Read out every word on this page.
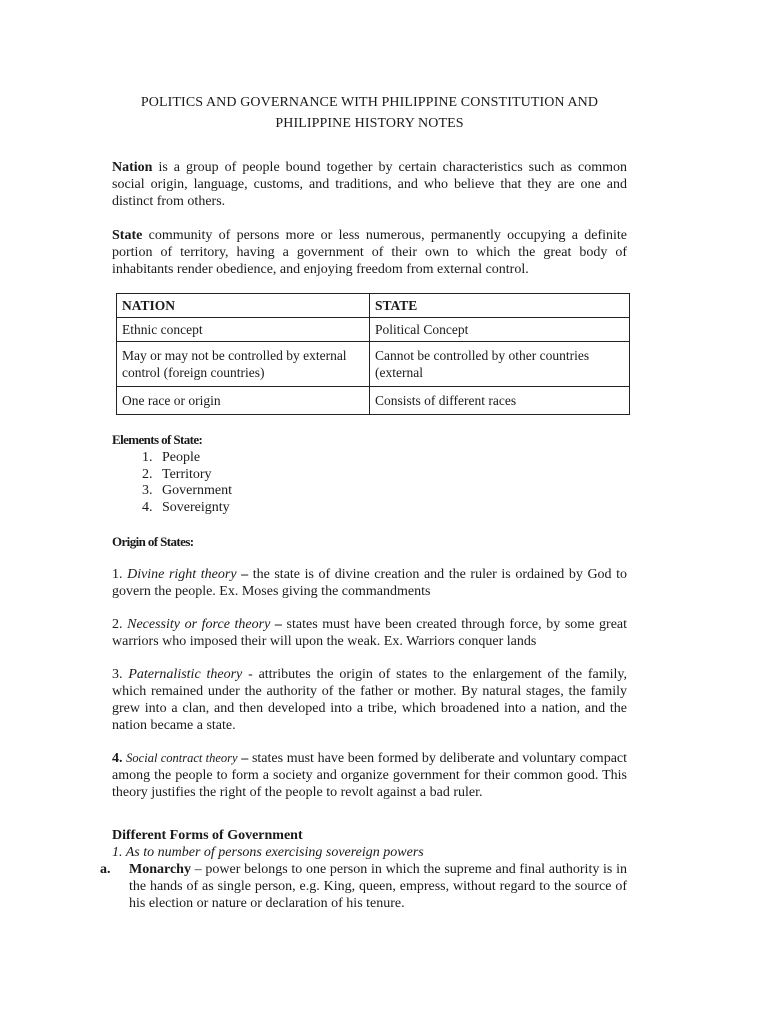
POLITICS AND GOVERNANCE WITH PHILIPPINE CONSTITUTION AND
PHILIPPINE HISTORY NOTES

Nation is a group of people bound together by certain characteristics such as common social origin, language, customs, and traditions, and who believe that they are one and distinct from others.

State community of persons more or less numerous, permanently occupying a definite portion of territory, having a government of their own to which the great body of inhabitants render obedience, and enjoying freedom from external control.

NATION	STATE
Ethnic concept	Political Concept
May or may not be controlled by external control (foreign countries)	Cannot be controlled by other countries (external
One race or origin	Consists of different races
Elements of State:
1. People
2. Territory
3. Government
4. Sovereignty
Origin of States:

1. Divine right theory – the state is of divine creation and the ruler is ordained by God to govern the people. Ex. Moses giving the commandments

2. Necessity or force theory – states must have been created through force, by some great warriors who imposed their will upon the weak. Ex. Warriors conquer lands

3. Paternalistic theory - attributes the origin of states to the enlargement of the family, which remained under the authority of the father or mother. By natural stages, the family grew into a clan, and then developed into a tribe, which broadened into a nation, and the nation became a state.

4. Social contract theory – states must have been formed by deliberate and voluntary compact among the people to form a society and organize government for their common good. This theory justifies the right of the people to revolt against a bad ruler.

Different Forms of Government
1. As to number of persons exercising sovereign powers
a. Monarchy – power belongs to one person in which the supreme and final authority is in the hands of as single person, e.g. King, queen, empress, without regard to the source of his election or nature or declaration of his tenure.
